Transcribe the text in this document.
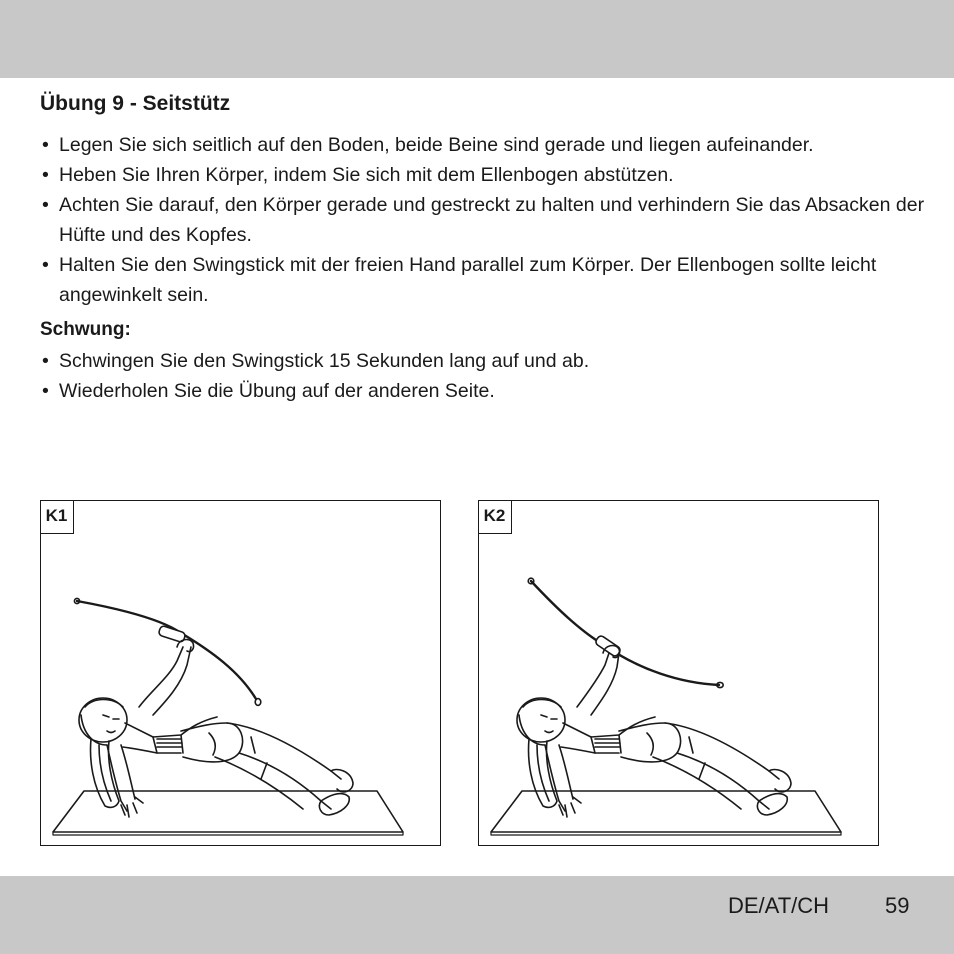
Übung 9 - Seitstütz
• Legen Sie sich seitlich auf den Boden, beide Beine sind gerade und liegen aufeinander.
• Heben Sie Ihren Körper, indem Sie sich mit dem Ellenbogen abstützen.
• Achten Sie darauf, den Körper gerade und gestreckt zu halten und verhindern Sie das Absacken der Hüfte und des Kopfes.
• Halten Sie den Swingstick mit der freien Hand parallel zum Körper. Der Ellenbogen sollte leicht angewinkelt sein.
Schwung:
• Schwingen Sie den Swingstick 15 Sekunden lang auf und ab.
• Wiederholen Sie die Übung auf der anderen Seite.
K1	K2
DE/AT/CH	59
